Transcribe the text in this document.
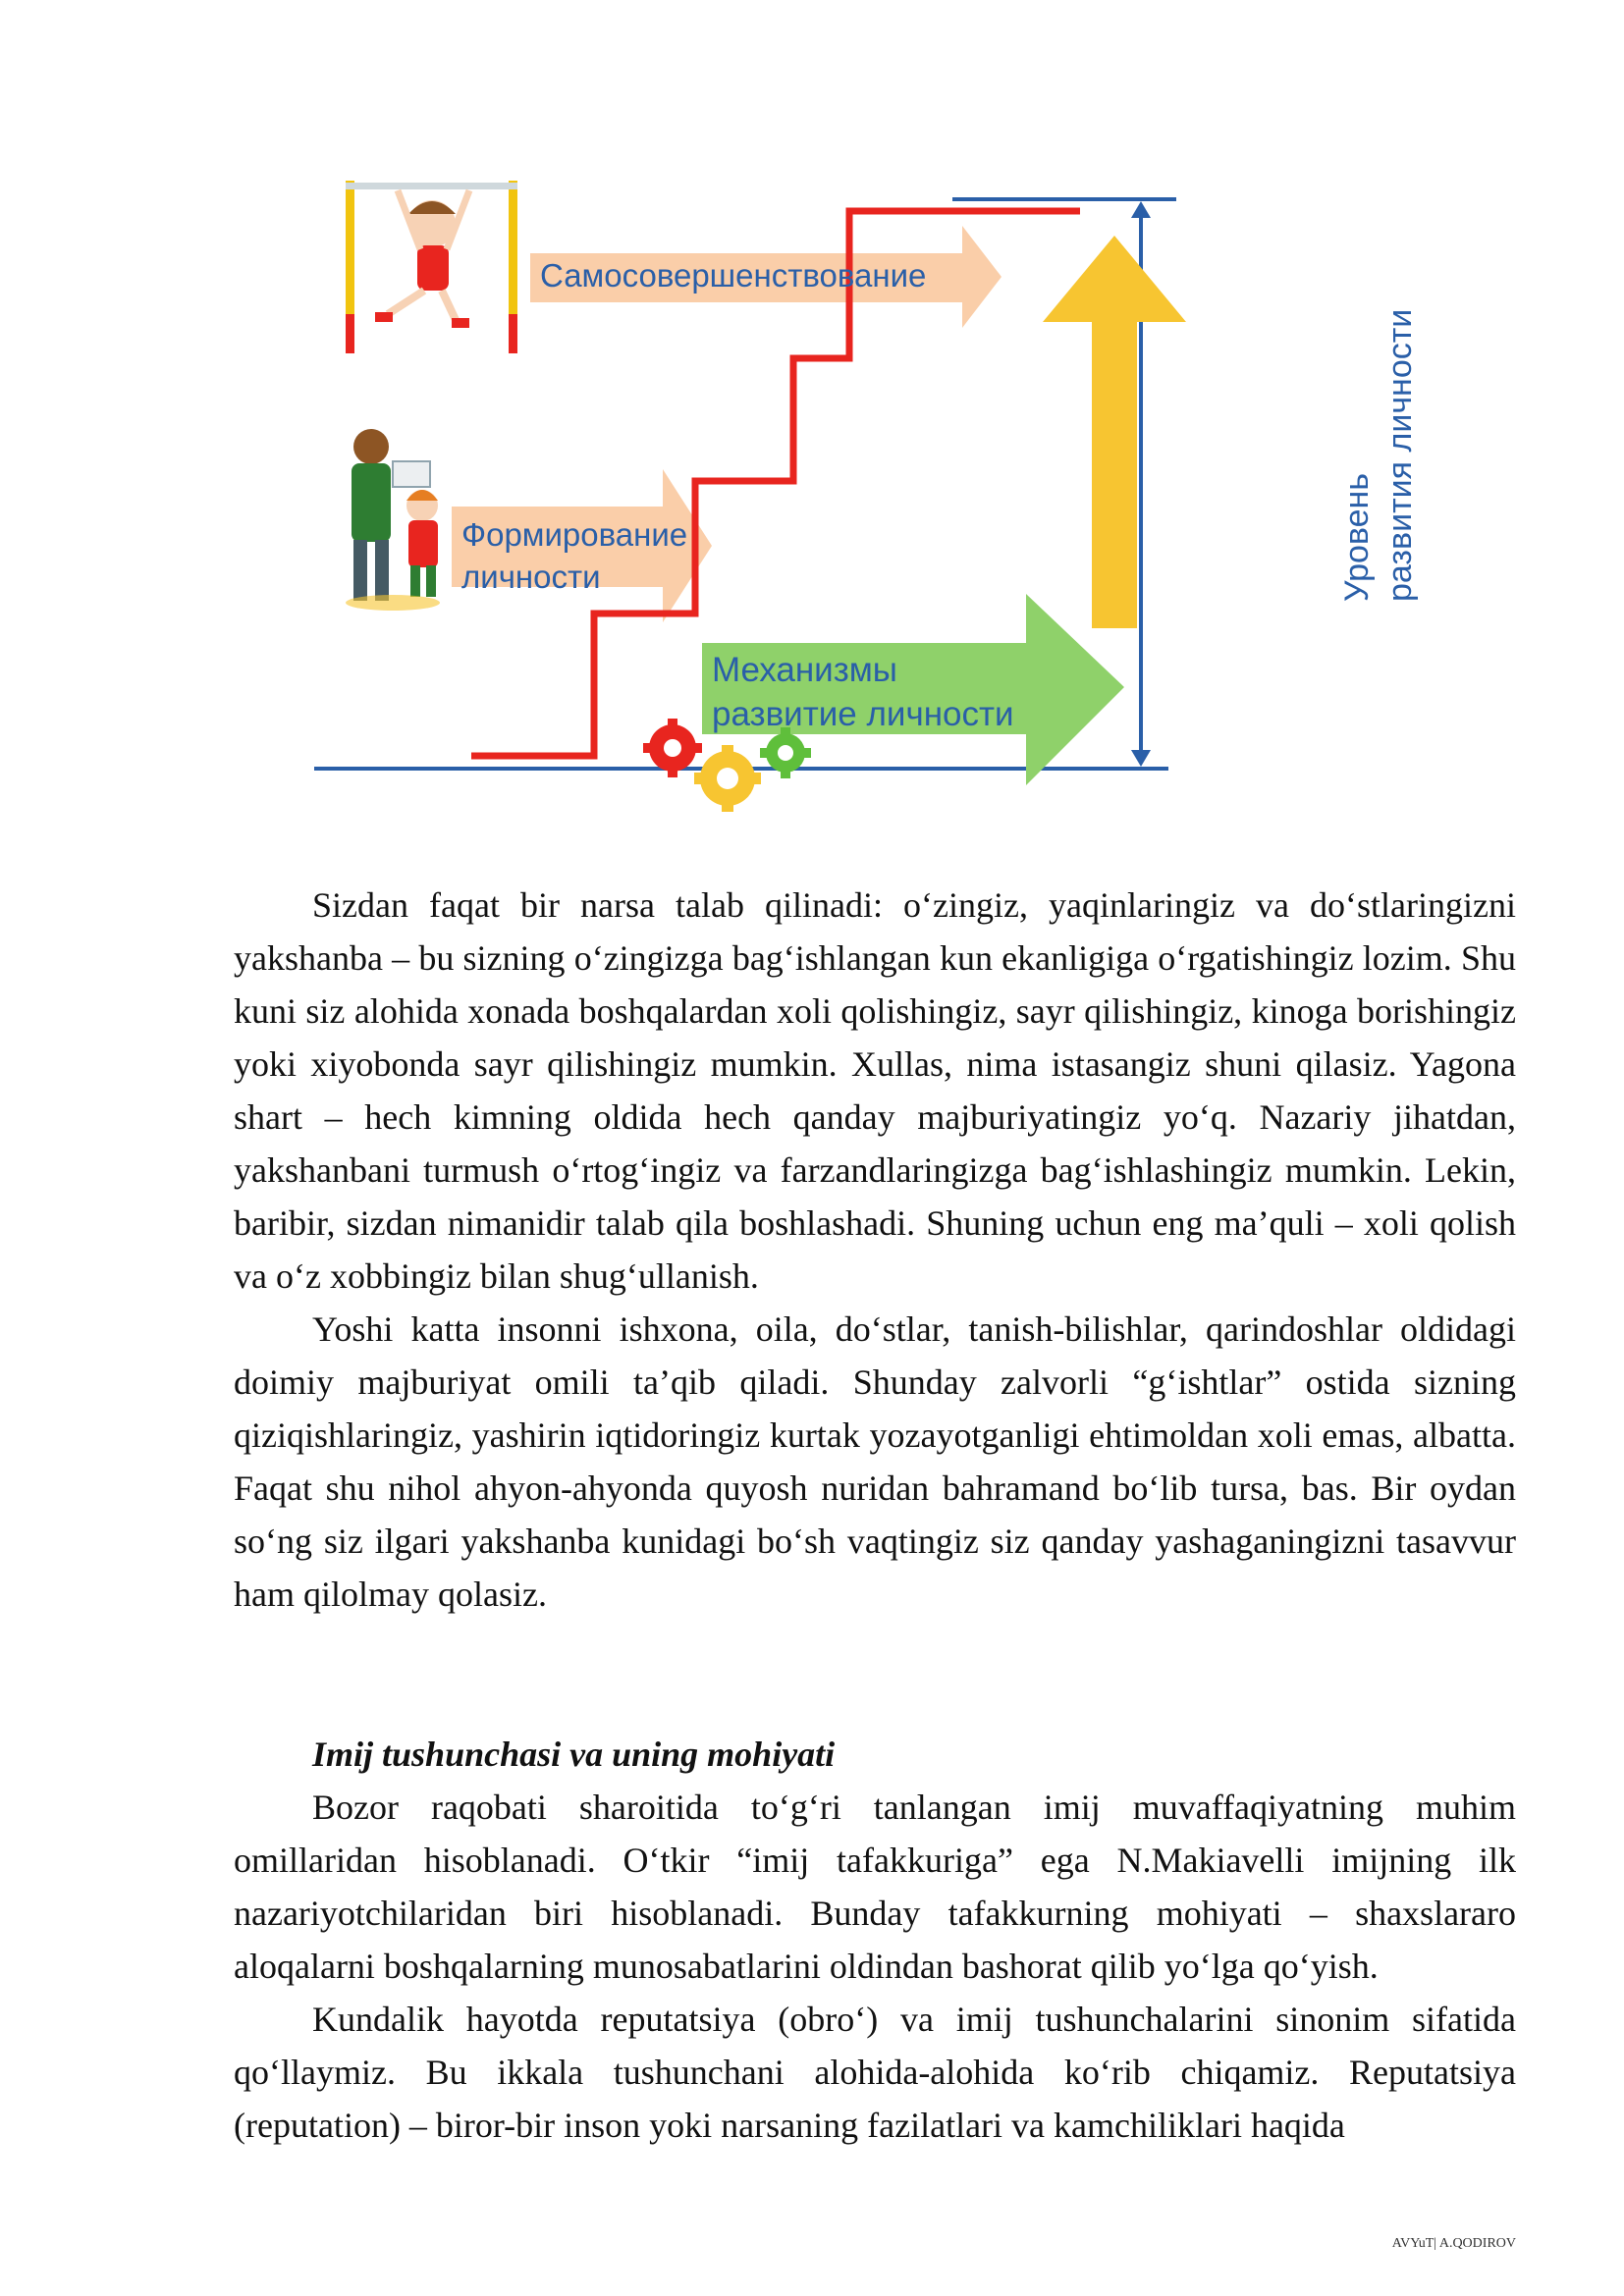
Самосовершенствование
Формирование
личности
Механизмы
развитие личности
Уровень развития личности

Sizdan faqat bir narsa talab qilinadi: o‘zingiz, yaqinlaringiz va do‘stlaringizni yakshanba – bu sizning o‘zingizga bag‘ishlangan kun ekanligiga o‘rgatishingiz lozim. Shu kuni siz alohida xonada boshqalardan xoli qolishingiz, sayr qilishingiz, kinoga borishingiz yoki xiyobonda sayr qilishingiz mumkin. Xullas, nima istasangiz shuni qilasiz. Yagona shart – hech kimning oldida hech qanday majburiyatingiz yo‘q. Nazariy jihatdan, yakshanbani turmush o‘rtog‘ingiz va farzandlaringizga bag‘ishlashingiz mumkin. Lekin, baribir, sizdan nimanidir talab qila boshlashadi. Shuning uchun eng ma’quli – xoli qolish va o‘z xobbingiz bilan shug‘ullanish.

Yoshi katta insonni ishxona, oila, do‘stlar, tanish-bilishlar, qarindoshlar oldidagi doimiy majburiyat omili ta’qib qiladi. Shunday zalvorli “g‘ishtlar” ostida sizning qiziqishlaringiz, yashirin iqtidoringiz kurtak yozayotganligi ehtimoldan xoli emas, albatta. Faqat shu nihol ahyon-ahyonda quyosh nuridan bahramand bo‘lib tursa, bas. Bir oydan so‘ng siz ilgari yakshanba kunidagi bo‘sh vaqtingiz siz qanday yashaganingizni tasavvur ham qilolmay qolasiz.

Imij tushunchasi va uning mohiyati

Bozor raqobati sharoitida to‘g‘ri tanlangan imij muvaffaqiyatning muhim omillaridan hisoblanadi. O‘tkir “imij tafakkuriga” ega N.Makiavelli imijning ilk nazariyotchilaridan biri hisoblanadi. Bunday tafakkurning mohiyati – shaxslararo aloqalarni boshqalarning munosabatlarini oldindan bashorat qilib yo‘lga qo‘yish.

Kundalik hayotda reputatsiya (obro‘) va imij tushunchalarini sinonim sifatida qo‘llaymiz. Bu ikkala tushunchani alohida-alohida ko‘rib chiqamiz. Reputatsiya (reputation) – biror-bir inson yoki narsaning fazilatlari va kamchiliklari haqida

AVYuT| A.QODIROV
